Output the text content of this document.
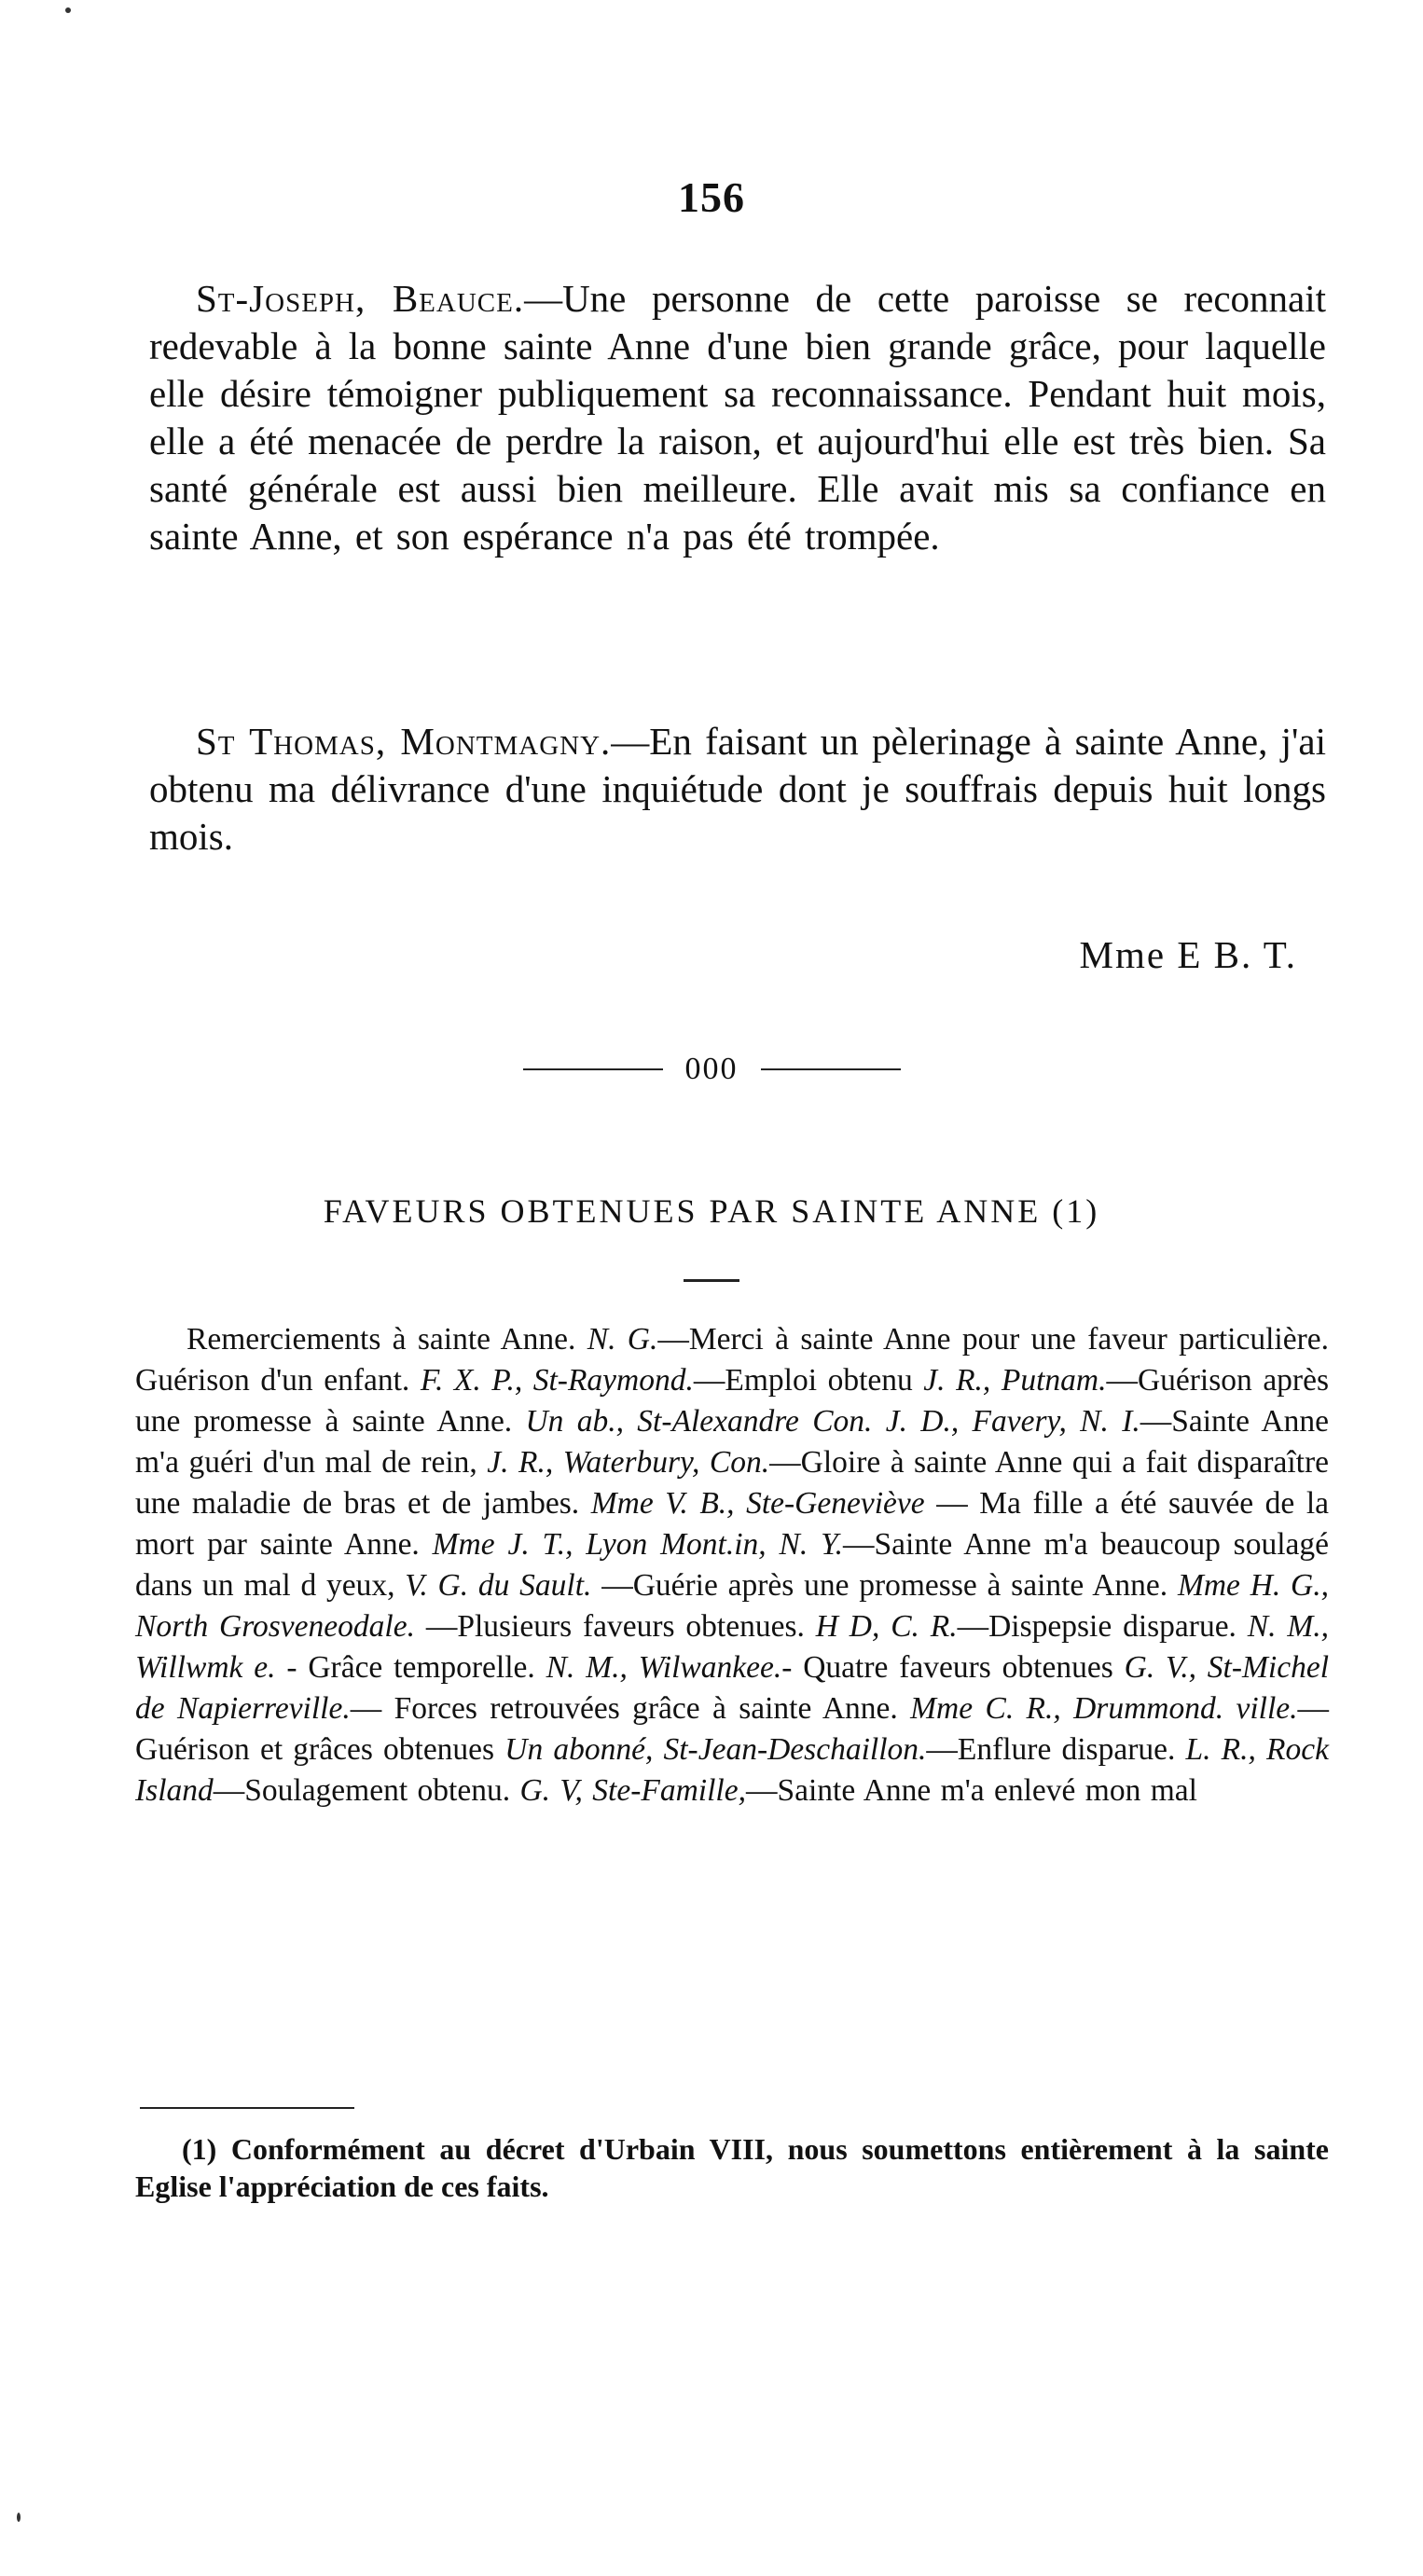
156

St-Joseph, Beauce.—Une personne de cette paroisse se reconnait redevable à la bonne sainte Anne d'une bien grande grâce, pour laquelle elle désire témoigner publiquement sa reconnaissance. Pendant huit mois, elle a été menacée de perdre la raison, et aujourd'hui elle est très bien. Sa santé générale est aussi bien meilleure. Elle avait mis sa confiance en sainte Anne, et son espérance n'a pas été trompée.

St Thomas, Montmagny.—En faisant un pèlerinage à sainte Anne, j'ai obtenu ma délivrance d'une inquiétude dont je souffrais depuis huit longs mois.

Mme E B. T.
000
FAVEURS OBTENUES PAR SAINTE ANNE (1)

Remerciements à sainte Anne. N. G.—Merci à sainte Anne pour une faveur particulière. Guérison d'un enfant. F. X. P., St-Raymond.—Emploi obtenu J. R., Putnam.—Guérison après une promesse à sainte Anne. Un ab., St-Alexandre Con. J. D., Favery, N. I.—Sainte Anne m'a guéri d'un mal de rein, J. R., Waterbury, Con.—Gloire à sainte Anne qui a fait disparaître une maladie de bras et de jambes. Mme V. B., Ste-Geneviève — Ma fille a été sauvée de la mort par sainte Anne. Mme J. T., Lyon Mont.in, N. Y.—Sainte Anne m'a beaucoup soulagé dans un mal d yeux, V. G. du Sault. —Guérie après une promesse à sainte Anne. Mme H. G., North Grosveneodale. —Plusieurs faveurs obtenues. H D, C. R.—Dispepsie disparue. N. M., Willwmk e. - Grâce temporelle. N. M., Wilwankee.- Quatre faveurs obtenues G. V., St-Michel de Napierreville.— Forces retrouvées grâce à sainte Anne. Mme C. R., Drummond. ville.—Guérison et grâces obtenues Un abonné, St-Jean-Deschaillon.—Enflure disparue. L. R., Rock Island—Soulagement obtenu. G. V, Ste-Famille,—Sainte Anne m'a enlevé mon mal

(1) Conformément au décret d'Urbain VIII, nous soumettons entièrement à la sainte Eglise l'appréciation de ces faits.
